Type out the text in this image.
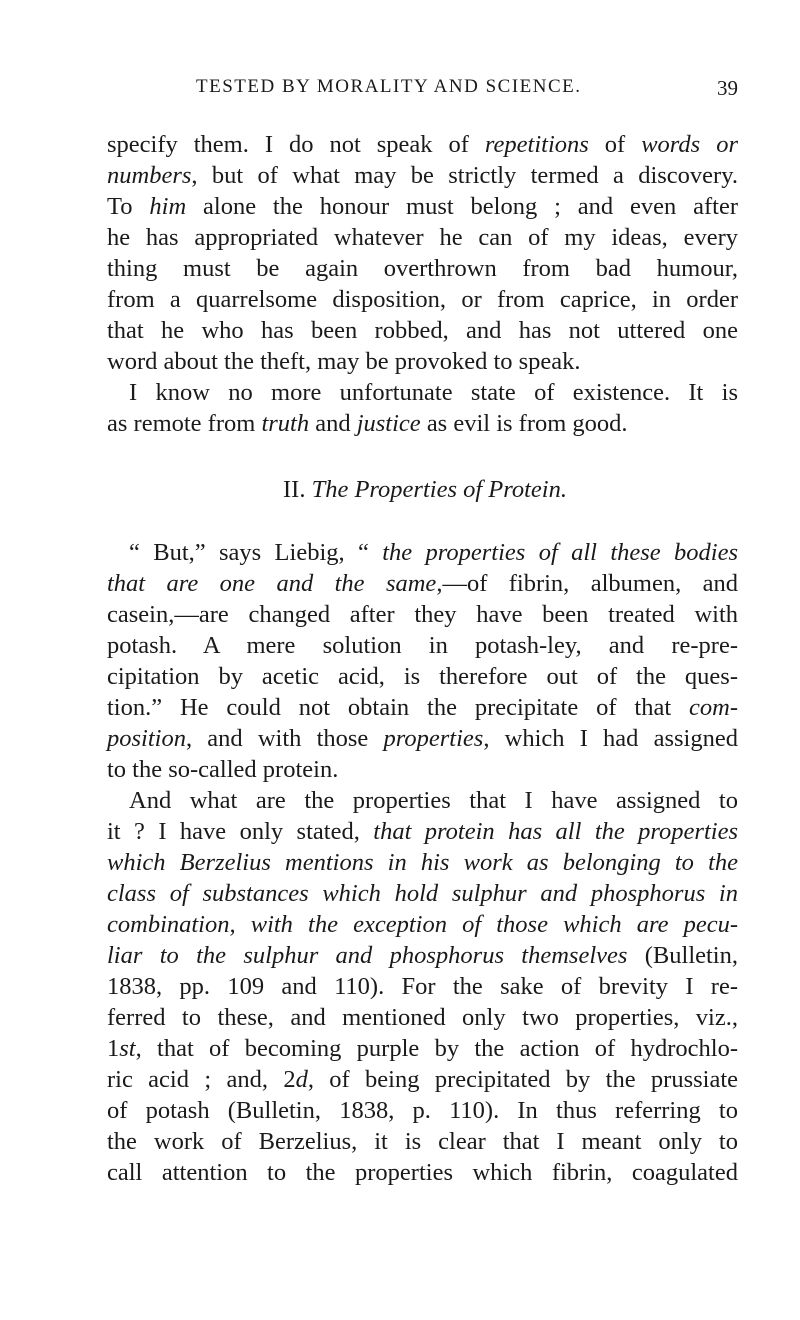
TESTED BY MORALITY AND SCIENCE.	39
specify them. I do not speak of repetitions of words or
numbers, but of what may be strictly termed a discovery.
To him alone the honour must belong ; and even after
he has appropriated whatever he can of my ideas, every
thing must be again overthrown from bad humour,
from a quarrelsome disposition, or from caprice, in order
that he who has been robbed, and has not uttered one
word about the theft, may be provoked to speak.
I know no more unfortunate state of existence. It is
as remote from truth and justice as evil is from good.
II. The Properties of Protein.
“ But,” says Liebig, “ the properties of all these bodies
that are one and the same,—of fibrin, albumen, and
casein,—are changed after they have been treated with
potash. A mere solution in potash-ley, and re-pre-
cipitation by acetic acid, is therefore out of the ques-
tion.” He could not obtain the precipitate of that com-
position, and with those properties, which I had assigned
to the so-called protein.
And what are the properties that I have assigned to
it ? I have only stated, that protein has all the properties
which Berzelius mentions in his work as belonging to the
class of substances which hold sulphur and phosphorus in
combination, with the exception of those which are pecu-
liar to the sulphur and phosphorus themselves (Bulletin,
1838, pp. 109 and 110). For the sake of brevity I re-
ferred to these, and mentioned only two properties, viz.,
1st, that of becoming purple by the action of hydrochlo-
ric acid ; and, 2d, of being precipitated by the prussiate
of potash (Bulletin, 1838, p. 110). In thus referring to
the work of Berzelius, it is clear that I meant only to
call attention to the properties which fibrin, coagulated
